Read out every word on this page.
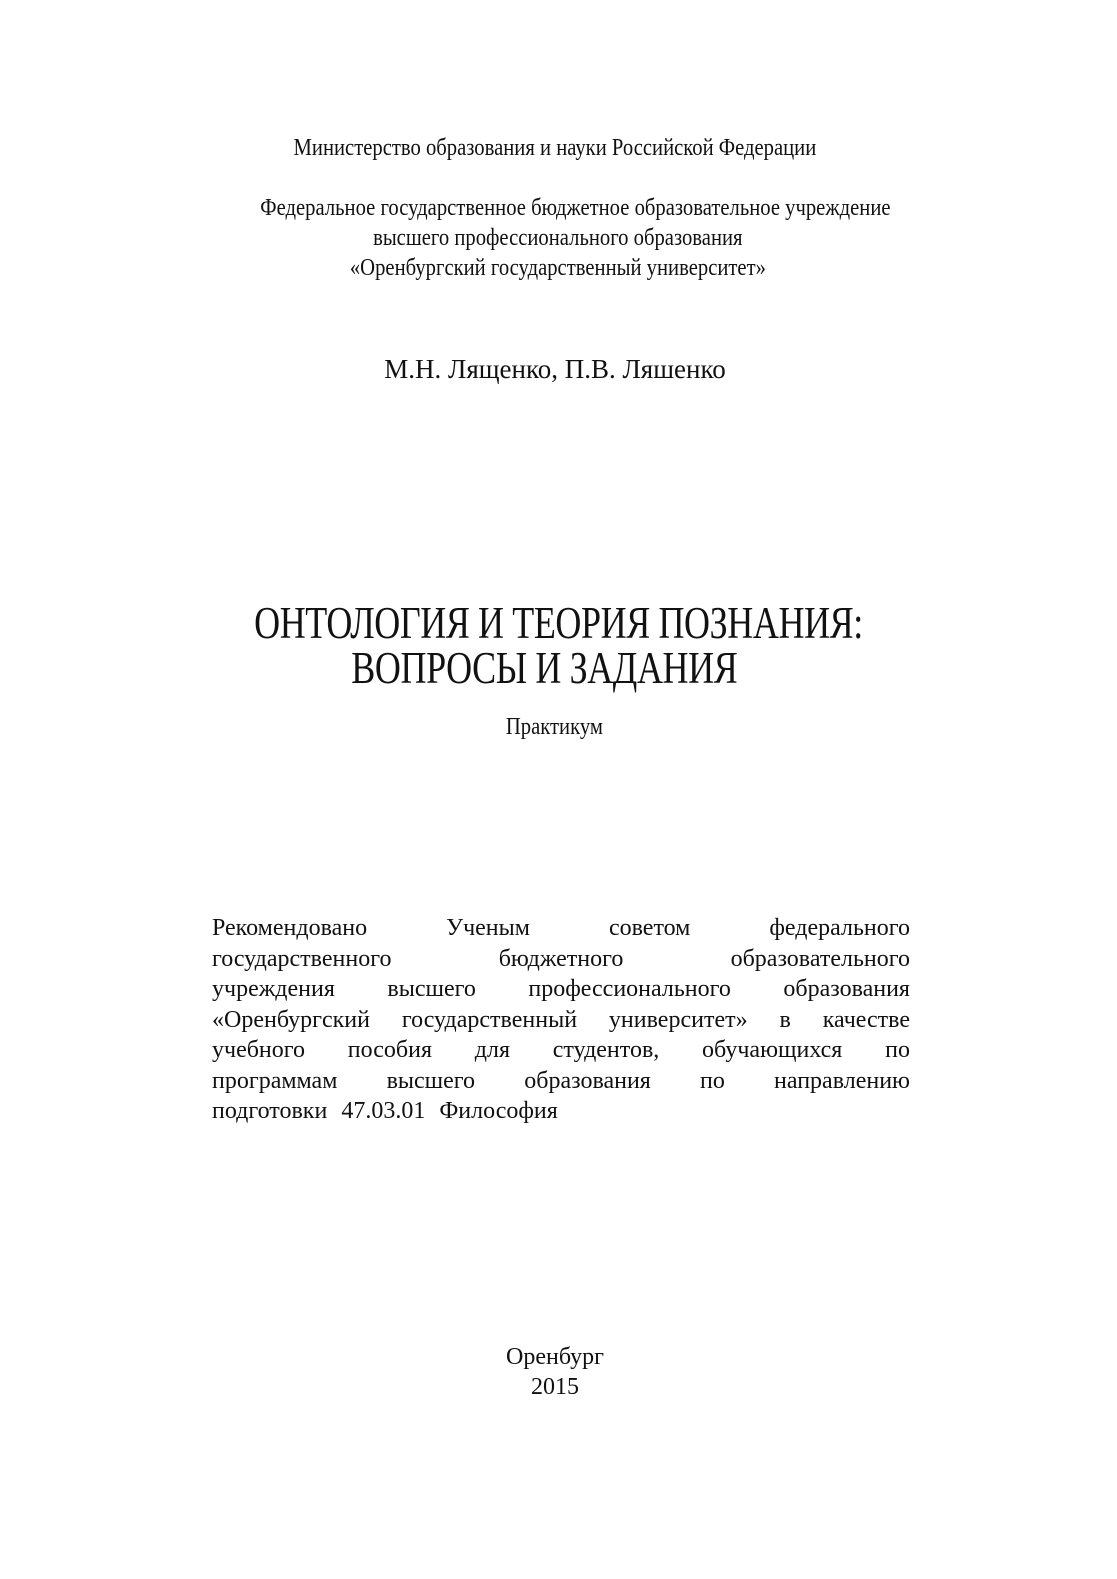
Министерство образования и науки Российской Федерации
Федеральное государственное бюджетное образовательное учреждение
высшего профессионального образования
«Оренбургский государственный университет»
М.Н. Лященко, П.В. Ляшенко
ОНТОЛОГИЯ И ТЕОРИЯ ПОЗНАНИЯ:
ВОПРОСЫ И ЗАДАНИЯ
Практикум
Рекомендовано	Ученым	советом	федерального
государственного	бюджетного	образовательного
учреждения высшего профессионального образования
«Оренбургский государственный университет» в качестве
учебного пособия для студентов, обучающихся по
программам высшего образования по направлению
подготовки 47.03.01 Философия
Оренбург
2015
